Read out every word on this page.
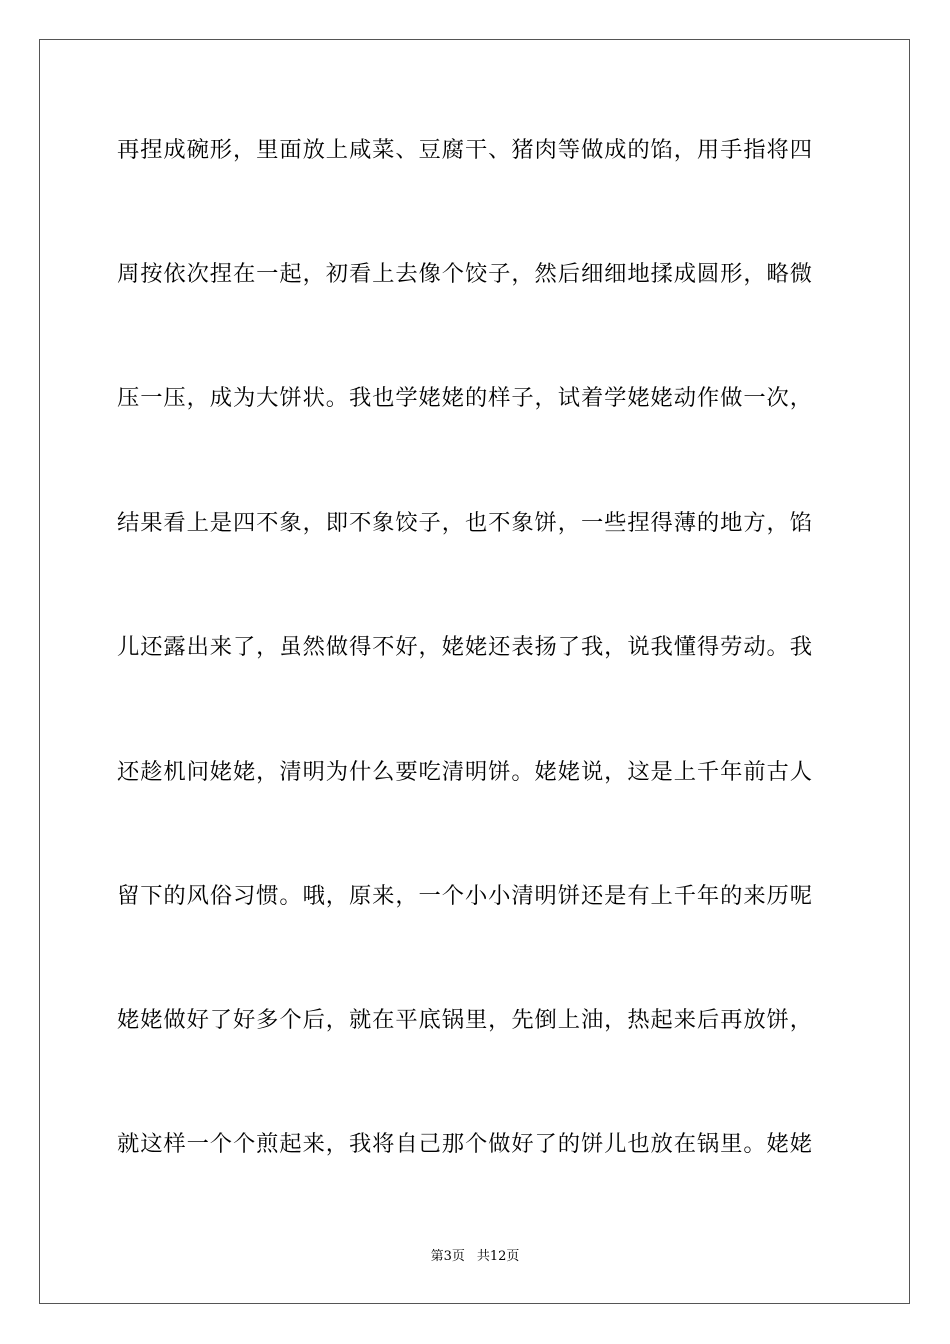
再捏成碗形，里面放上咸菜、豆腐干、猪肉等做成的馅，用手指将四
周按依次捏在一起，初看上去像个饺子，然后细细地揉成圆形，略微
压一压，成为大饼状。我也学姥姥的样子，试着学姥姥动作做一次，
结果看上是四不象，即不象饺子，也不象饼，一些捏得薄的地方，馅
儿还露出来了，虽然做得不好，姥姥还表扬了我，说我懂得劳动。我
还趁机问姥姥，清明为什么要吃清明饼。姥姥说，这是上千年前古人
留下的风俗习惯。哦，原来，一个小小清明饼还是有上千年的来历呢
姥姥做好了好多个后，就在平底锅里，先倒上油，热起来后再放饼，
就这样一个个煎起来，我将自己那个做好了的饼儿也放在锅里。姥姥
第3页 共12页
